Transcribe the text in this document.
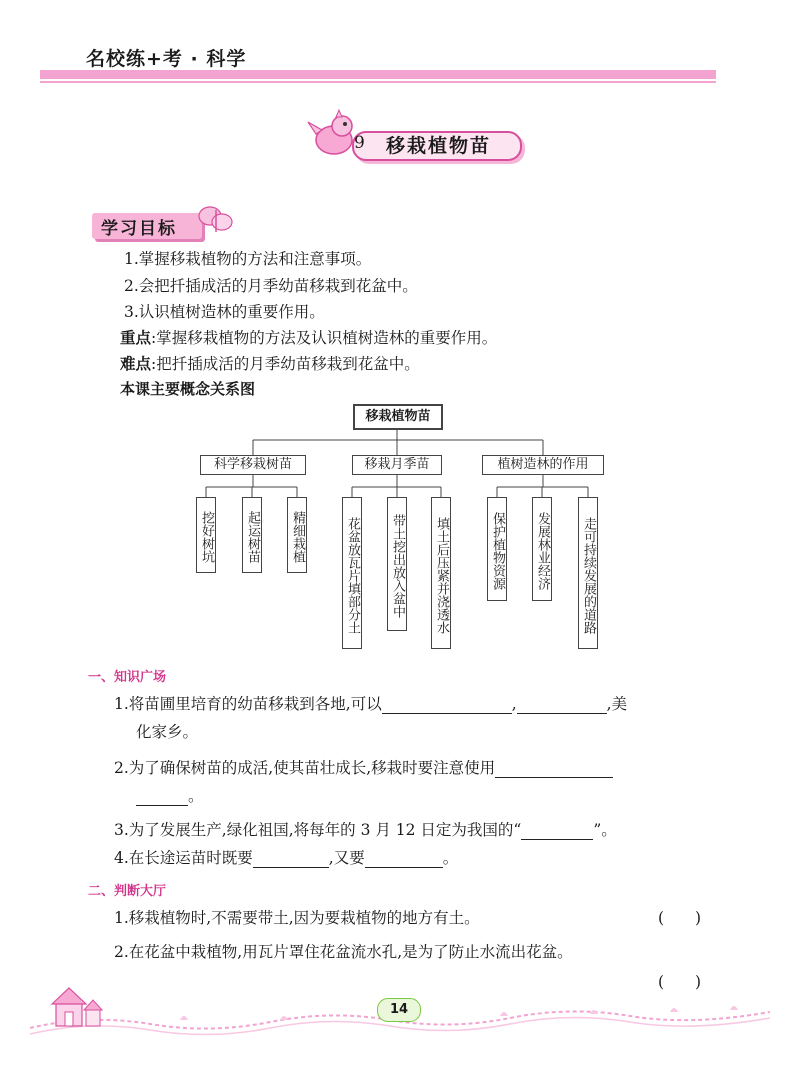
名校练+考 · 科学
9 移栽植物苗
学习目标
1.掌握移栽植物的方法和注意事项。
2.会把扦插成活的月季幼苗移栽到花盆中。
3.认识植树造林的重要作用。
重点:掌握移栽植物的方法及认识植树造林的重要作用。
难点:把扦插成活的月季幼苗移栽到花盆中。
本课主要概念关系图
移栽植物苗
科学移栽树苗	移栽月季苗	植树造林的作用
挖好树坑 起运树苗 精细栽植	花盆放瓦片填部分土 带土挖出放入盆中 填土后压紧并浇透水	保护植物资源 发展林业经济 走可持续发展的道路
一、知识广场
1.将苗圃里培育的幼苗移栽到各地,可以	,	,美
化家乡。
2.为了确保树苗的成活,使其苗壮成长,移栽时要注意使用
。
3.为了发展生产,绿化祖国,将每年的 3 月 12 日定为我国的“	”。
4.在长途运苗时既要	,又要	。
二、判断大厅
1.移栽植物时,不需要带土,因为要栽植物的地方有土。	(　　)
2.在花盆中栽植物,用瓦片罩住花盆流水孔,是为了防止水流出花盆。
(　　)
14
